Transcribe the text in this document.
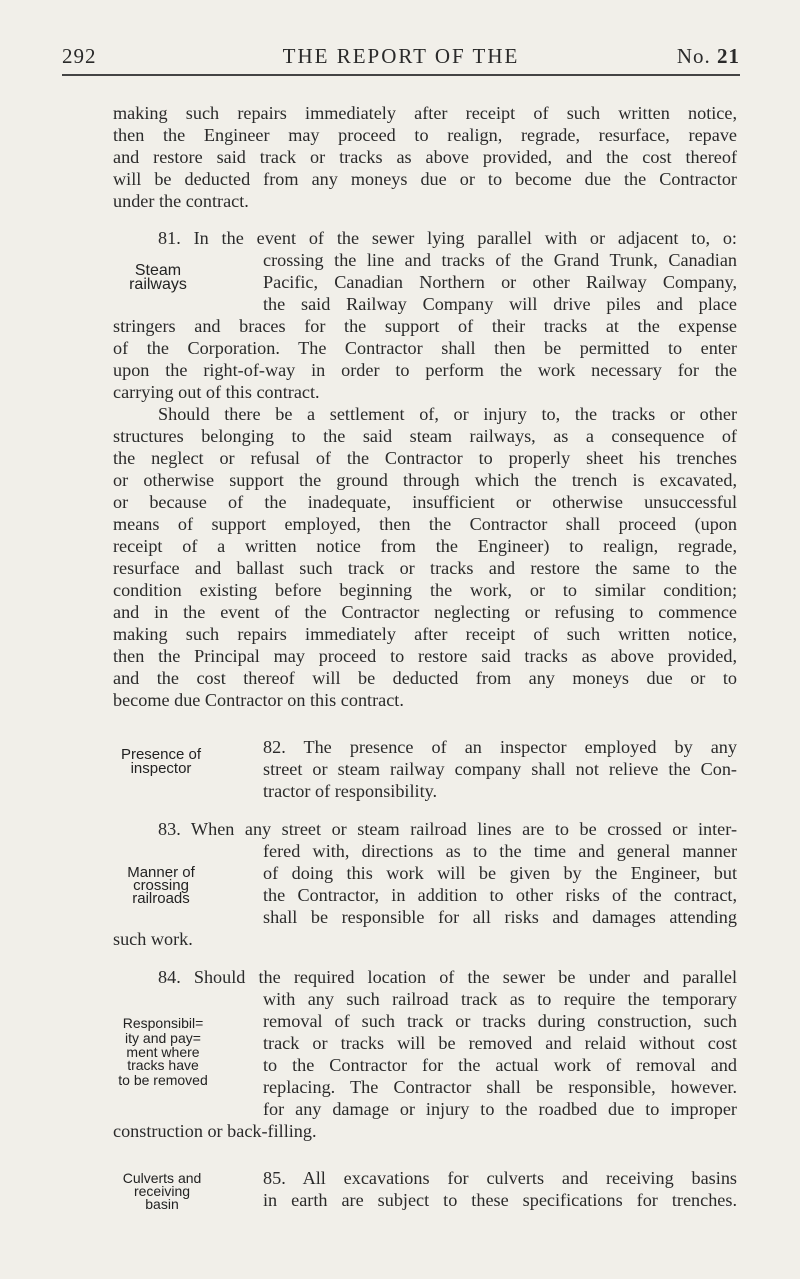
292	THE REPORT OF THE	No. 21
making such repairs immediately after receipt of such written notice,
then the Engineer may proceed to realign, regrade, resurface, repave
and restore said track or tracks as above provided, and the cost thereof
will be deducted from any moneys due or to become due the Contractor
under the contract.
81. In the event of the sewer lying parallel with or adjacent to, o:
Steam
railways
crossing the line and tracks of the Grand Trunk, Canadian
Pacific, Canadian Northern or other Railway Company,
the said Railway Company will drive piles and place
stringers and braces for the support of their tracks at the expense
of the Corporation. The Contractor shall then be permitted to enter
upon the right-of-way in order to perform the work necessary for the
carrying out of this contract.
Should there be a settlement of, or injury to, the tracks or other
structures belonging to the said steam railways, as a consequence of
the neglect or refusal of the Contractor to properly sheet his trenches
or otherwise support the ground through which the trench is excavated,
or because of the inadequate, insufficient or otherwise unsuccessful
means of support employed, then the Contractor shall proceed (upon
receipt of a written notice from the Engineer) to realign, regrade,
resurface and ballast such track or tracks and restore the same to the
condition existing before beginning the work, or to similar condition;
and in the event of the Contractor neglecting or refusing to commence
making such repairs immediately after receipt of such written notice,
then the Principal may proceed to restore said tracks as above provided,
and the cost thereof will be deducted from any moneys due or to
become due Contractor on this contract.
Presence of
inspector
82. The presence of an inspector employed by any
street or steam railway company shall not relieve the Con-
tractor of responsibility.
83. When any street or steam railroad lines are to be crossed or inter-
Manner of
crossing
railroads
fered with, directions as to the time and general manner
of doing this work will be given by the Engineer, but
the Contractor, in addition to other risks of the contract,
shall be responsible for all risks and damages attending
such work.
84. Should the required location of the sewer be under and parallel
Responsibil=
ity and pay=
ment where
tracks have
to be removed
with any such railroad track as to require the temporary
removal of such track or tracks during construction, such
track or tracks will be removed and relaid without cost
to the Contractor for the actual work of removal and
replacing. The Contractor shall be responsible, however.
for any damage or injury to the roadbed due to improper
construction or back-filling.
Culverts and
receiving
basin
85. All excavations for culverts and receiving basins
in earth are subject to these specifications for trenches.
